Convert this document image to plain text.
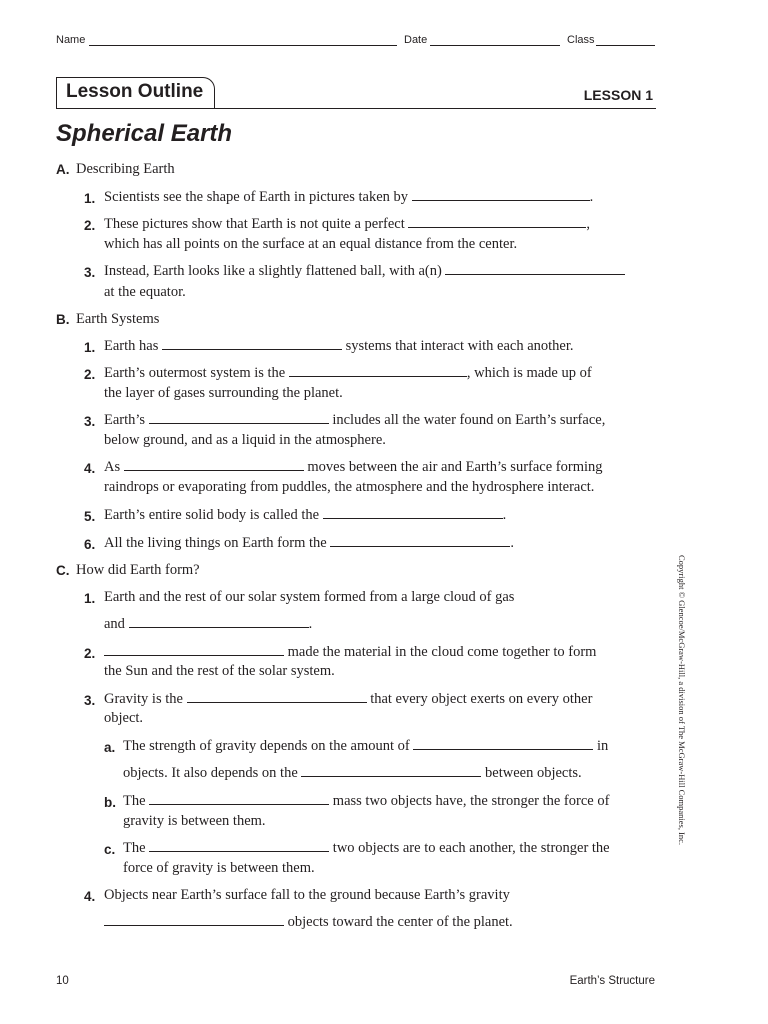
Name	Date	Class
Lesson Outline	LESSON 1
Spherical Earth
A. Describing Earth
1. Scientists see the shape of Earth in pictures taken by	.
2. These pictures show that Earth is not quite a perfect	,
which has all points on the surface at an equal distance from the center.
3. Instead, Earth looks like a slightly flattened ball, with a(n)
at the equator.
B. Earth Systems
1. Earth has	systems that interact with each another.
2. Earth’s outermost system is the	, which is made up of
the layer of gases surrounding the planet.
3. Earth’s	includes all the water found on Earth’s surface,
below ground, and as a liquid in the atmosphere.
4. As	moves between the air and Earth’s surface forming
raindrops or evaporating from puddles, the atmosphere and the hydrosphere interact.
5. Earth’s entire solid body is called the	.
6. All the living things on Earth form the	.
C. How did Earth form?
1. Earth and the rest of our solar system formed from a large cloud of gas
and	.
2.	made the material in the cloud come together to form
the Sun and the rest of the solar system.
3. Gravity is the	that every object exerts on every other
object.
a. The strength of gravity depends on the amount of	in
objects. It also depends on the	between objects.
b. The	mass two objects have, the stronger the force of
gravity is between them.
c. The	two objects are to each another, the stronger the
force of gravity is between them.
4. Objects near Earth’s surface fall to the ground because Earth’s gravity
objects toward the center of the planet.
Copyright © Glencoe/McGraw-Hill, a division of The McGraw-Hill Companies, Inc.
10	Earth’s Structure
